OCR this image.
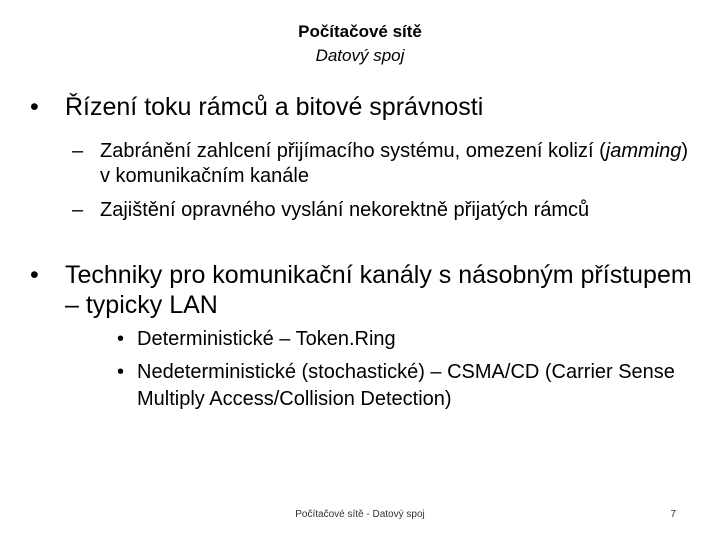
Počítačové sítě
Datový spoj
•	Řízení toku rámců a bitové správnosti
– Zabránění zahlcení přijímacího systému, omezení kolizí (jamming) v komunikačním kanále
– Zajištění opravného vyslání nekorektně přijatých rámců
•	Techniky pro komunikační kanály s násobným přístupem – typicky LAN
• Deterministické – Token.Ring
• Nedeterministické (stochastické) – CSMA/CD (Carrier Sense Multiply Access/Collision Detection)
Počítačové sítě - Datový spoj	7
